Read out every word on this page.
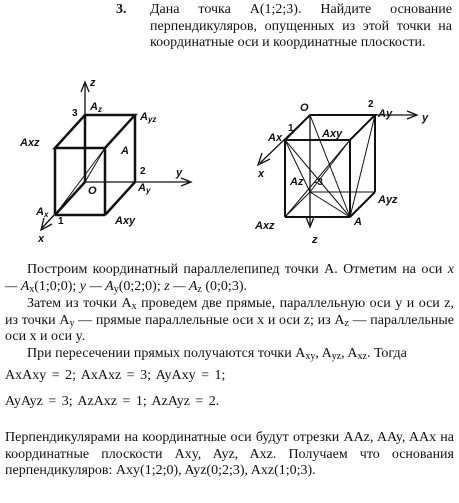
3. Дана точка A(1;2;3). Найдите основание перпендикуляров, опущенных из этой точки на координатные оси и координатные плоскости.
z
3
Az
Axz
Ayz
A
y
2
Ay
O
Ax
1	Axy
x
O	2
Ay	y
1
Ax	Axy
x
Az -3
Ayz
Axz	A
z
Построим координатный параллелепипед точки А. Отметим на оси x — $A_x(1;0;0)$; y — $A_y(0;2;0)$; z — $A_z$ (0;0;3).
Затем из точки $A_x$ проведем две прямые, параллельную оси y и оси z, из точки $A_y$ — прямые параллельные оси x и оси z; из $A_z$ — параллельные оси x и оси y.
При пересечении прямых получаются точки $A_{xy}$, $A_{yz}$, $A_{xz}$. Тогда
AxAxy = 2; AxAxz = 3; AyAxy = 1;
AyAyz = 3; AzAxz = 1; AzAyz = 2.
Перпендикулярами на координатные оси будут отрезки AAz, AAy, AAx на координатные плоскости Axy, Ayz, Axz. Получаем что основания перпендикуляров: Axy(1;2;0), Ayz(0;2;3), Axz(1;0;3).
